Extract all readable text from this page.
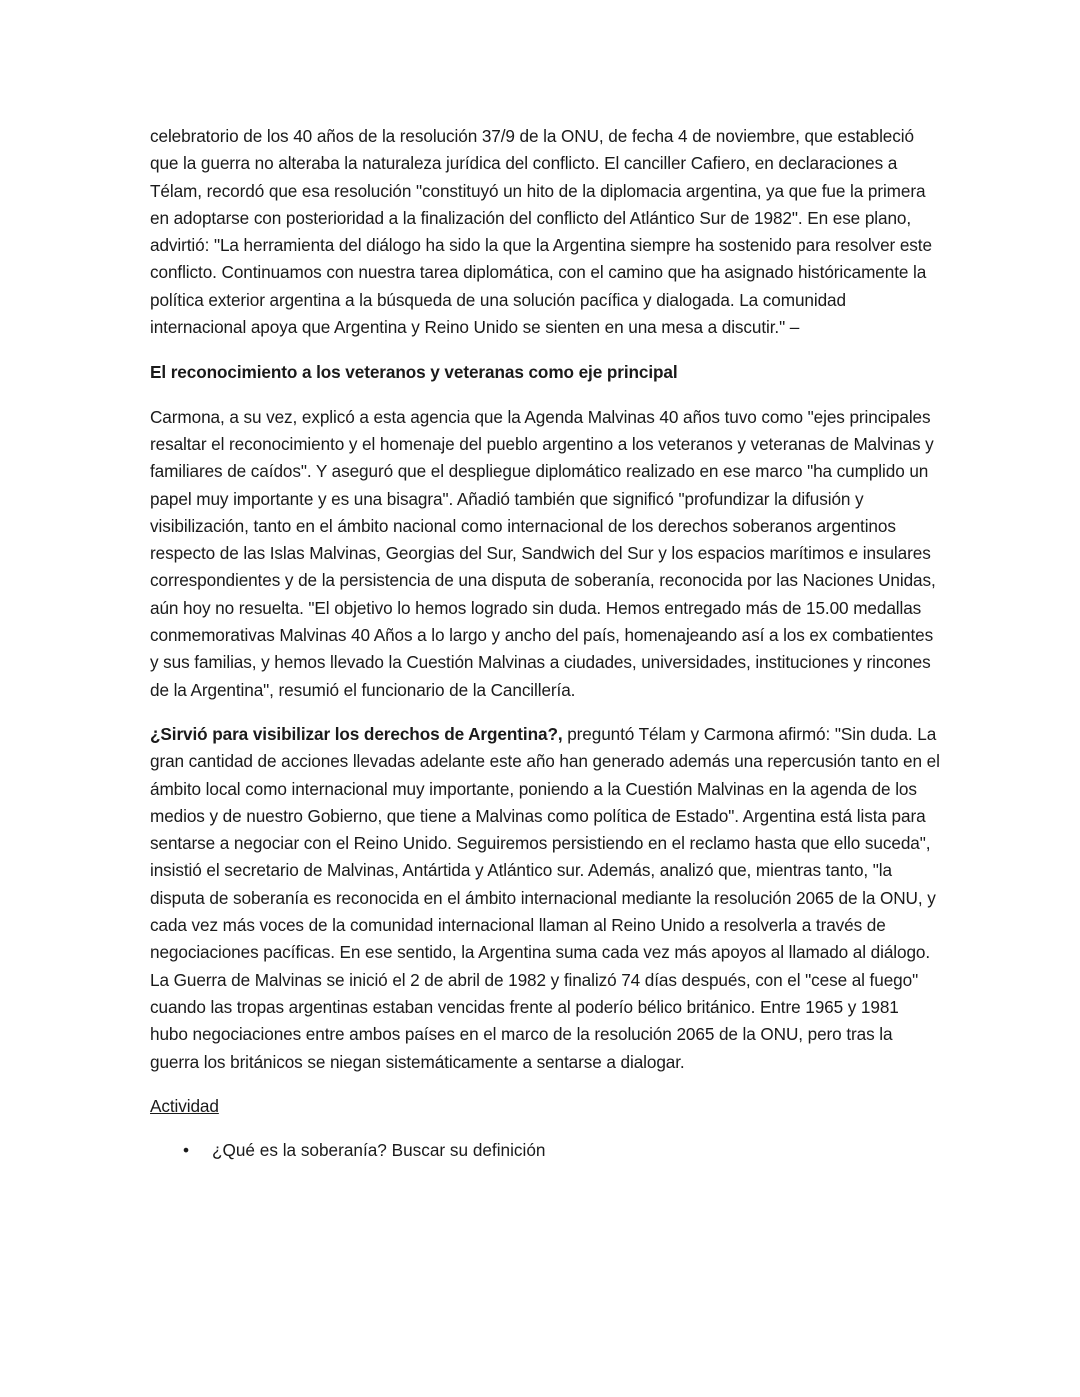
celebratorio de los 40 años de la resolución 37/9 de la ONU, de fecha 4 de noviembre, que estableció que la guerra no alteraba la naturaleza jurídica del conflicto. El canciller Cafiero, en declaraciones a Télam, recordó que esa resolución "constituyó un hito de la diplomacia argentina, ya que fue la primera en adoptarse con posterioridad a la finalización del conflicto del Atlántico Sur de 1982". En ese plano, advirtió: "La herramienta del diálogo ha sido la que la Argentina siempre ha sostenido para resolver este conflicto. Continuamos con nuestra tarea diplomática, con el camino que ha asignado históricamente la política exterior argentina a la búsqueda de una solución pacífica y dialogada. La comunidad internacional apoya que Argentina y Reino Unido se sienten en una mesa a discutir." –

El reconocimiento a los veteranos y veteranas como eje principal

Carmona, a su vez, explicó a esta agencia que la Agenda Malvinas 40 años tuvo como "ejes principales resaltar el reconocimiento y el homenaje del pueblo argentino a los veteranos y veteranas de Malvinas y familiares de caídos". Y aseguró que el despliegue diplomático realizado en ese marco "ha cumplido un papel muy importante y es una bisagra". Añadió también que significó "profundizar la difusión y visibilización, tanto en el ámbito nacional como internacional de los derechos soberanos argentinos respecto de las Islas Malvinas, Georgias del Sur, Sandwich del Sur y los espacios marítimos e insulares correspondientes y de la persistencia de una disputa de soberanía, reconocida por las Naciones Unidas, aún hoy no resuelta. "El objetivo lo hemos logrado sin duda. Hemos entregado más de 15.00 medallas conmemorativas Malvinas 40 Años a lo largo y ancho del país, homenajeando así a los ex combatientes y sus familias, y hemos llevado la Cuestión Malvinas a ciudades, universidades, instituciones y rincones de la Argentina", resumió el funcionario de la Cancillería.

¿Sirvió para visibilizar los derechos de Argentina?, preguntó Télam y Carmona afirmó: "Sin duda. La gran cantidad de acciones llevadas adelante este año han generado además una repercusión tanto en el ámbito local como internacional muy importante, poniendo a la Cuestión Malvinas en la agenda de los medios y de nuestro Gobierno, que tiene a Malvinas como política de Estado". Argentina está lista para sentarse a negociar con el Reino Unido. Seguiremos persistiendo en el reclamo hasta que ello suceda", insistió el secretario de Malvinas, Antártida y Atlántico sur. Además, analizó que, mientras tanto, "la disputa de soberanía es reconocida en el ámbito internacional mediante la resolución 2065 de la ONU, y cada vez más voces de la comunidad internacional llaman al Reino Unido a resolverla a través de negociaciones pacíficas. En ese sentido, la Argentina suma cada vez más apoyos al llamado al diálogo. La Guerra de Malvinas se inició el 2 de abril de 1982 y finalizó 74 días después, con el "cese al fuego" cuando las tropas argentinas estaban vencidas frente al poderío bélico británico. Entre 1965 y 1981 hubo negociaciones entre ambos países en el marco de la resolución 2065 de la ONU, pero tras la guerra los británicos se niegan sistemáticamente a sentarse a dialogar.

Actividad

• ¿Qué es la soberanía? Buscar su definición
